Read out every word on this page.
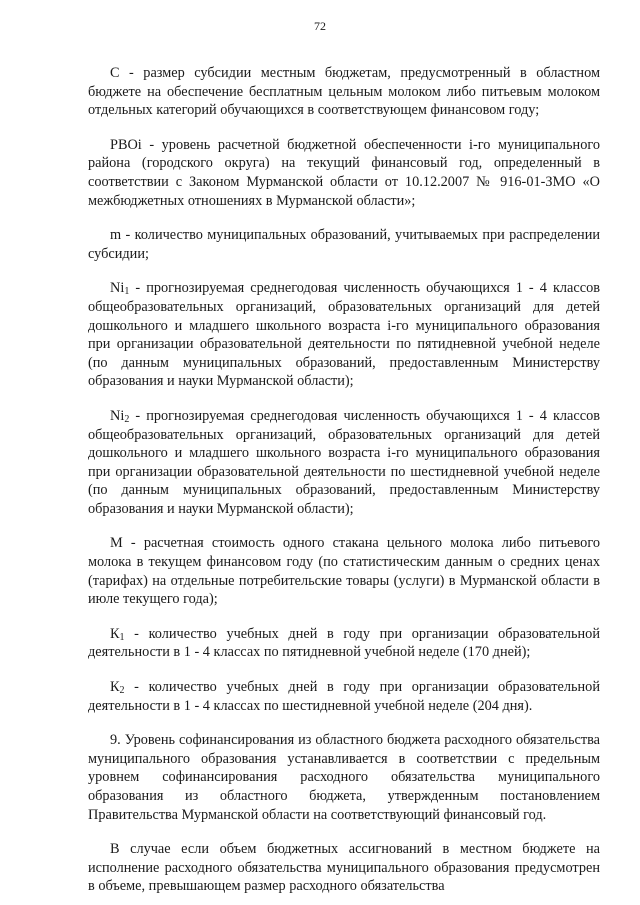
72

С - размер субсидии местным бюджетам, предусмотренный в областном бюджете на обеспечение бесплатным цельным молоком либо питьевым молоком отдельных категорий обучающихся в соответствующем финансовом году;

РВОi - уровень расчетной бюджетной обеспеченности i-го муниципального района (городского округа) на текущий финансовый год, определенный в соответствии с Законом Мурманской области от 10.12.2007 № 916-01-ЗМО «О межбюджетных отношениях в Мурманской области»;

m - количество муниципальных образований, учитываемых при распределении субсидии;

$Ni_1$ - прогнозируемая среднегодовая численность обучающихся 1 - 4 классов общеобразовательных организаций, образовательных организаций для детей дошкольного и младшего школьного возраста i-го муниципального образования при организации образовательной деятельности по пятидневной учебной неделе (по данным муниципальных образований, предоставленным Министерству образования и науки Мурманской области);

$Ni_2$ - прогнозируемая среднегодовая численность обучающихся 1 - 4 классов общеобразовательных организаций, образовательных организаций для детей дошкольного и младшего школьного возраста i-го муниципального образования при организации образовательной деятельности по шестидневной учебной неделе (по данным муниципальных образований, предоставленным Министерству образования и науки Мурманской области);

М - расчетная стоимость одного стакана цельного молока либо питьевого молока в текущем финансовом году (по статистическим данным о средних ценах (тарифах) на отдельные потребительские товары (услуги) в Мурманской области в июле текущего года);

$К_1$ - количество учебных дней в году при организации образовательной деятельности в 1 - 4 классах по пятидневной учебной неделе (170 дней);

$К_2$ - количество учебных дней в году при организации образовательной деятельности в 1 - 4 классах по шестидневной учебной неделе (204 дня).

9. Уровень софинансирования из областного бюджета расходного обязательства муниципального образования устанавливается в соответствии с предельным уровнем софинансирования расходного обязательства муниципального образования из областного бюджета, утвержденным постановлением Правительства Мурманской области на соответствующий финансовый год.

В случае если объем бюджетных ассигнований в местном бюджете на исполнение расходного обязательства муниципального образования предусмотрен в объеме, превышающем размер расходного обязательства
